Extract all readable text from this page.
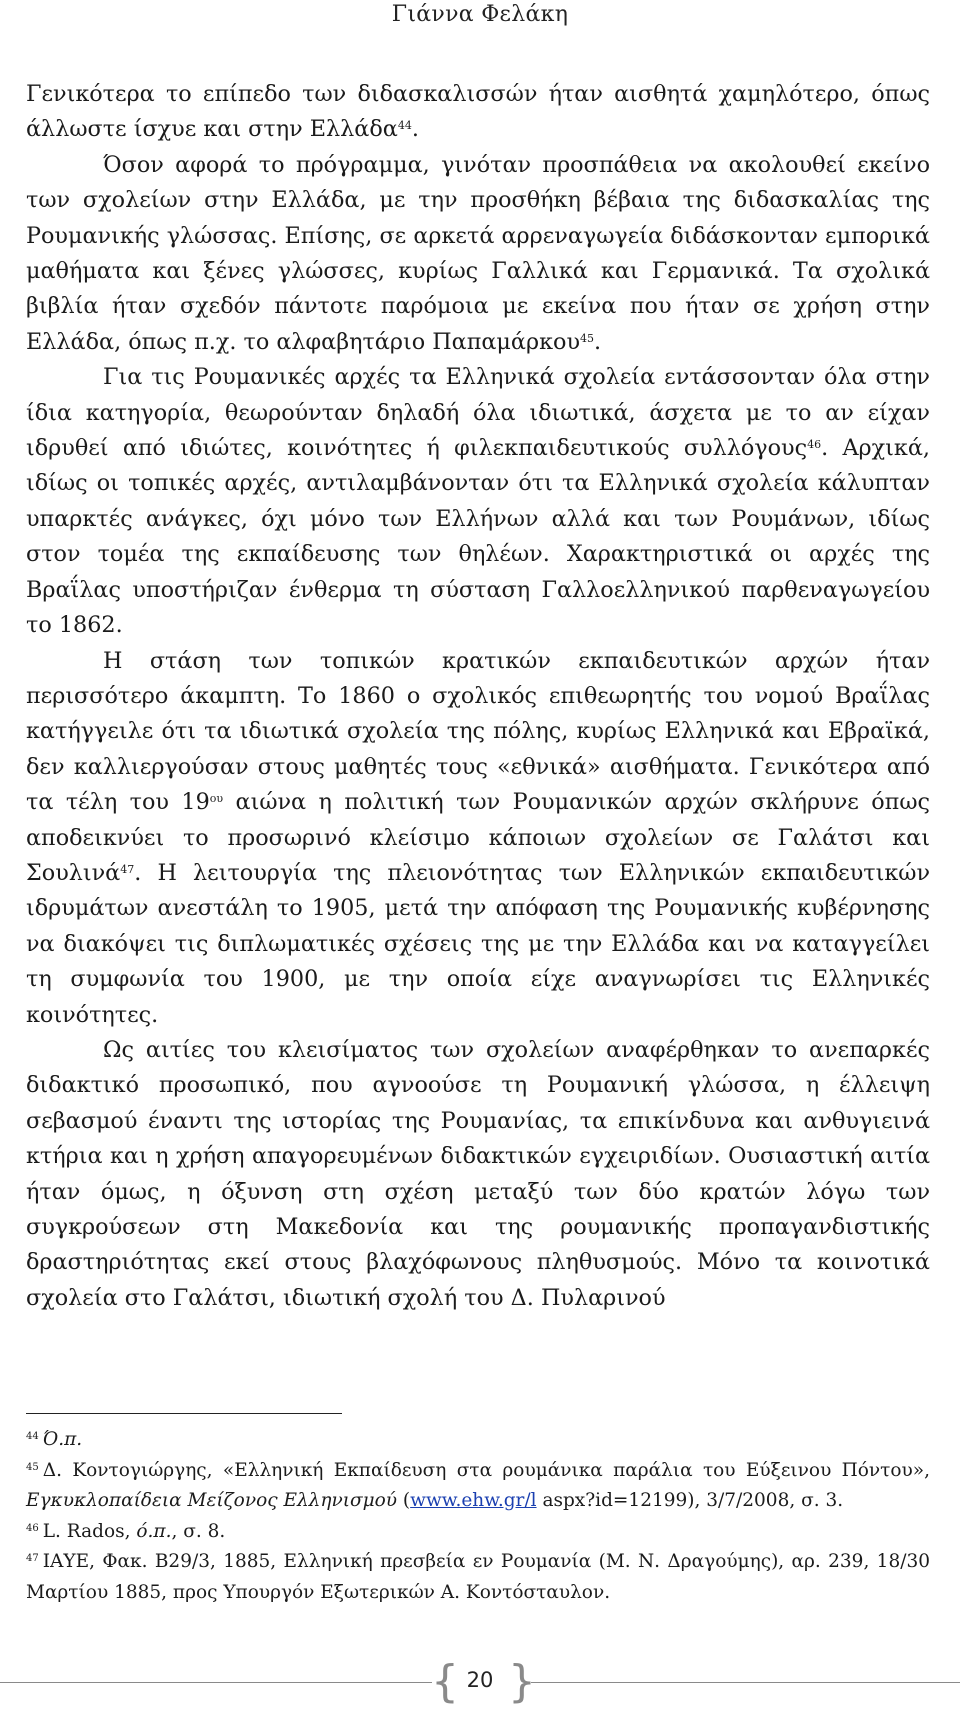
Γιάννα Φελάκη

Γενικότερα το επίπεδο των διδασκαλισσών ήταν αισθητά χαμηλότερο, όπως άλλωστε ίσχυε και στην Ελλάδα$^{44}$.

Όσον αφορά το πρόγραμμα, γινόταν προσπάθεια να ακολουθεί εκείνο των σχολείων στην Ελλάδα, με την προσθήκη βέβαια της διδασκαλίας της Ρουμανικής γλώσσας. Επίσης, σε αρκετά αρρεναγωγεία διδάσκονταν εμπορικά μαθήματα και ξένες γλώσσες, κυρίως Γαλλικά και Γερμανικά. Τα σχολικά βιβλία ήταν σχεδόν πάντοτε παρόμοια με εκείνα που ήταν σε χρήση στην Ελλάδα, όπως π.χ. το αλφαβητάριο Παπαμάρκου$^{45}$.

Για τις Ρουμανικές αρχές τα Ελληνικά σχολεία εντάσσονταν όλα στην ίδια κατηγορία, θεωρούνταν δηλαδή όλα ιδιωτικά, άσχετα με το αν είχαν ιδρυθεί από ιδιώτες, κοινότητες ή φιλεκπαιδευτικούς συλλόγους$^{46}$. Αρχικά, ιδίως οι τοπικές αρχές, αντιλαμβάνονταν ότι τα Ελληνικά σχολεία κάλυπταν υπαρκτές ανάγκες, όχι μόνο των Ελλήνων αλλά και των Ρουμάνων, ιδίως στον τομέα της εκπαίδευσης των θηλέων. Χαρακτηριστικά οι αρχές της Βραΐλας υποστήριζαν ένθερμα τη σύσταση Γαλλοελληνικού παρθεναγωγείου το 1862.

Η στάση των τοπικών κρατικών εκπαιδευτικών αρχών ήταν περισσότερο άκαμπτη. Το 1860 ο σχολικός επιθεωρητής του νομού Βραΐλας κατήγγειλε ότι τα ιδιωτικά σχολεία της πόλης, κυρίως Ελληνικά και Εβραϊκά, δεν καλλιεργούσαν στους μαθητές τους «εθνικά» αισθήματα. Γενικότερα από τα τέλη του $19^{o\upsilon}$ αιώνα η πολιτική των Ρουμανικών αρχών σκλήρυνε όπως αποδεικνύει το προσωρινό κλείσιμο κάποιων σχολείων σε Γαλάτσι και Σουλινά$^{47}$. Η λειτουργία της πλειονότητας των Ελληνικών εκπαιδευτικών ιδρυμάτων ανεστάλη το 1905, μετά την απόφαση της Ρουμανικής κυβέρνησης να διακόψει τις διπλωματικές σχέσεις της με την Ελλάδα και να καταγγείλει τη συμφωνία του 1900, με την οποία είχε αναγνωρίσει τις Ελληνικές κοινότητες.

Ως αιτίες του κλεισίματος των σχολείων αναφέρθηκαν το ανεπαρκές διδακτικό προσωπικό, που αγνοούσε τη Ρουμανική γλώσσα, η έλλειψη σεβασμού έναντι της ιστορίας της Ρουμανίας, τα επικίνδυνα και ανθυγιεινά κτήρια και η χρήση απαγορευμένων διδακτικών εγχειριδίων. Ουσιαστική αιτία ήταν όμως, η όξυνση στη σχέση μεταξύ των δύο κρατών λόγω των συγκρούσεων στη Μακεδονία και της ρουμανικής προπαγανδιστικής δραστηριότητας εκεί στους βλαχόφωνους πληθυσμούς. Μόνο τα κοινοτικά σχολεία στο Γαλάτσι, ιδιωτική σχολή του Δ. Πυλαρινού

$^{44}$ Ό.π.

$^{45}$ Δ. Κοντογιώργης, «Ελληνική Εκπαίδευση στα ρουμάνικα παράλια του Εύξεινου Πόντου», Εγκυκλοπαίδεια Μείζονος Ελληνισμού (www.ehw.gr/l aspx?id=12199), 3/7/2008, σ. 3.

$^{46}$ L. Rados, ό.π., σ. 8.

$^{47}$ ΙΑΥΕ, Φακ. Β29/3, 1885, Ελληνική πρεσβεία εν Ρουμανία (Μ. Ν. Δραγούμης), αρ. 239, 18/30 Μαρτίου 1885, προς Υπουργόν Εξωτερικών Α. Κοντόσταυλον.

{ 20 }
